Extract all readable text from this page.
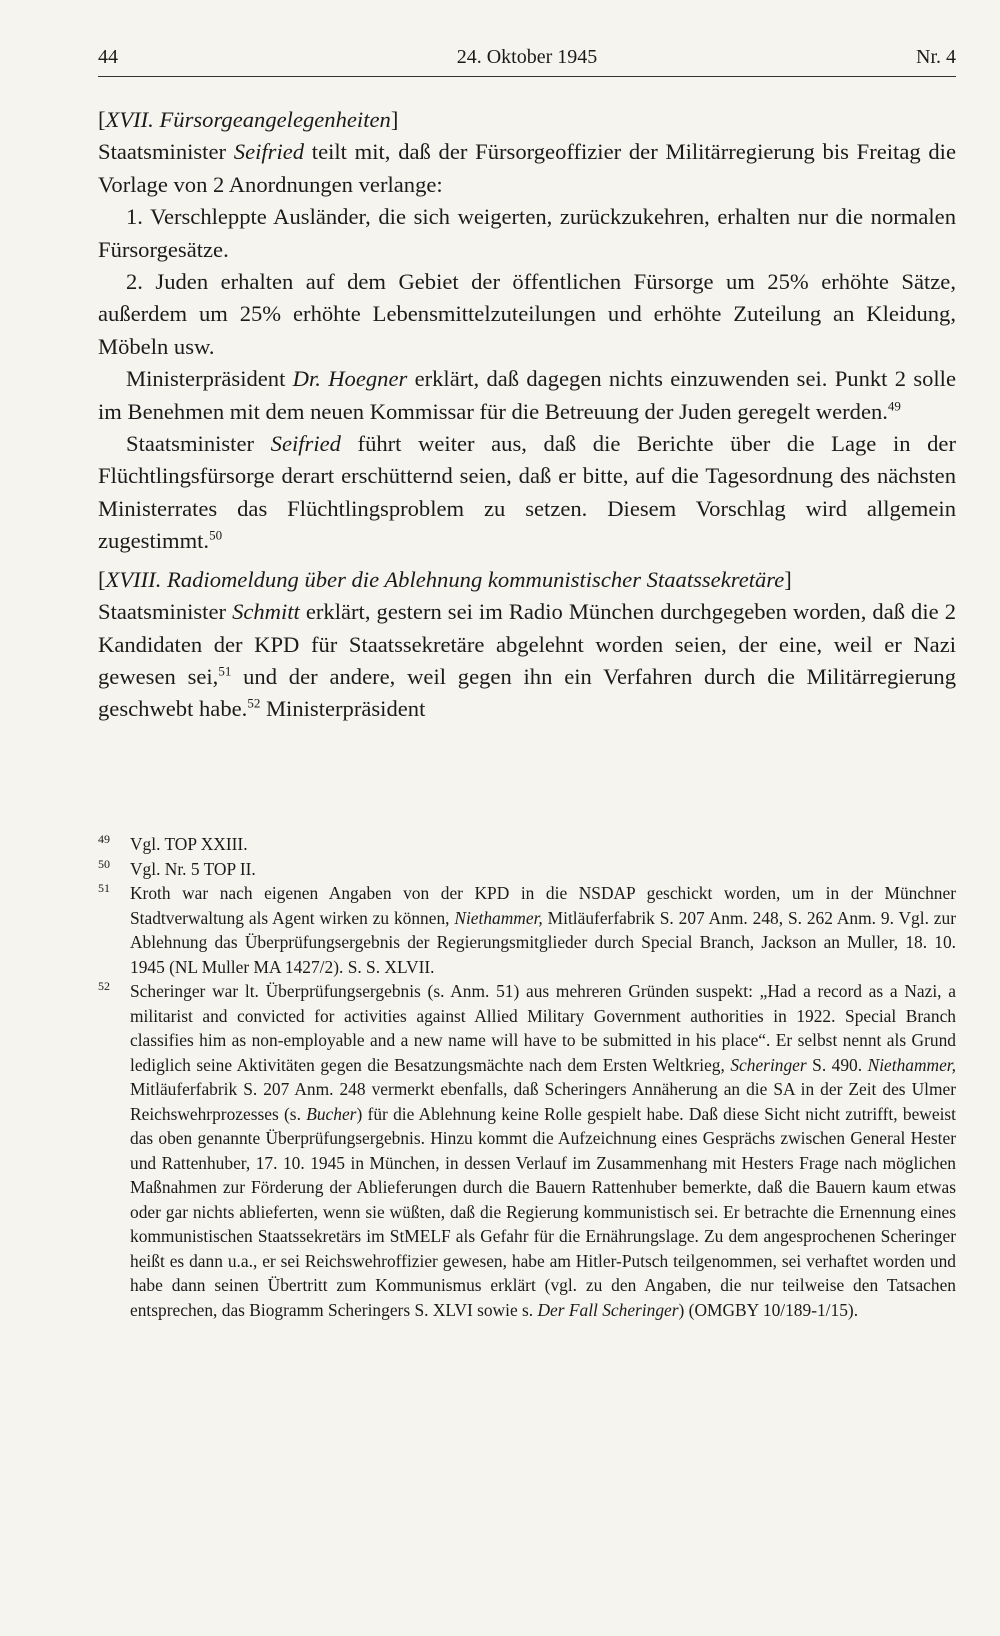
44	24. Oktober 1945	Nr. 4

[XVII. Fürsorgeangelegenheiten]

Staatsminister Seifried teilt mit, daß der Fürsorgeoffizier der Militärregierung bis Freitag die Vorlage von 2 Anordnungen verlange:

1. Verschleppte Ausländer, die sich weigerten, zurückzukehren, erhalten nur die normalen Fürsorgesätze.

2. Juden erhalten auf dem Gebiet der öffentlichen Fürsorge um 25% erhöhte Sätze, außerdem um 25% erhöhte Lebensmittelzuteilungen und erhöhte Zuteilung an Kleidung, Möbeln usw.

Ministerpräsident Dr. Hoegner erklärt, daß dagegen nichts einzuwenden sei. Punkt 2 solle im Benehmen mit dem neuen Kommissar für die Betreuung der Juden geregelt werden.$^{49}$

Staatsminister Seifried führt weiter aus, daß die Berichte über die Lage in der Flüchtlingsfürsorge derart erschütternd seien, daß er bitte, auf die Tagesordnung des nächsten Ministerrates das Flüchtlingsproblem zu setzen. Diesem Vorschlag wird allgemein zugestimmt.$^{50}$

[XVIII. Radiomeldung über die Ablehnung kommunistischer Staatssekretäre]

Staatsminister Schmitt erklärt, gestern sei im Radio München durchgegeben worden, daß die 2 Kandidaten der KPD für Staatssekretäre abgelehnt worden seien, der eine, weil er Nazi gewesen sei,$^{51}$ und der andere, weil gegen ihn ein Verfahren durch die Militärregierung geschwebt habe.$^{52}$ Ministerpräsident

49 Vgl. TOP XXIII.

50 Vgl. Nr. 5 TOP II.

51 Kroth war nach eigenen Angaben von der KPD in die NSDAP geschickt worden, um in der Münchner Stadtverwaltung als Agent wirken zu können, Niethammer, Mitläuferfabrik S. 207 Anm. 248, S. 262 Anm. 9. Vgl. zur Ablehnung das Überprüfungsergebnis der Regierungsmitglieder durch Special Branch, Jackson an Muller, 18. 10. 1945 (NL Muller MA 1427/2). S. S. XLVII.

52 Scheringer war lt. Überprüfungsergebnis (s. Anm. 51) aus mehreren Gründen suspekt: „Had a record as a Nazi, a militarist and convicted for activities against Allied Military Government authorities in 1922. Special Branch classifies him as non-employable and a new name will have to be submitted in his place“. Er selbst nennt als Grund lediglich seine Aktivitäten gegen die Besatzungsmächte nach dem Ersten Weltkrieg, Scheringer S. 490. Niethammer, Mitläuferfabrik S. 207 Anm. 248 vermerkt ebenfalls, daß Scheringers Annäherung an die SA in der Zeit des Ulmer Reichswehrprozesses (s. Bucher) für die Ablehnung keine Rolle gespielt habe. Daß diese Sicht nicht zutrifft, beweist das oben genannte Überprüfungsergebnis. Hinzu kommt die Aufzeichnung eines Gesprächs zwischen General Hester und Rattenhuber, 17. 10. 1945 in München, in dessen Verlauf im Zusammenhang mit Hesters Frage nach möglichen Maßnahmen zur Förderung der Ablieferungen durch die Bauern Rattenhuber bemerkte, daß die Bauern kaum etwas oder gar nichts ablieferten, wenn sie wüßten, daß die Regierung kommunistisch sei. Er betrachte die Ernennung eines kommunistischen Staatssekretärs im StMELF als Gefahr für die Ernährungslage. Zu dem angesprochenen Scheringer heißt es dann u.a., er sei Reichswehroffizier gewesen, habe am Hitler-Putsch teilgenommen, sei verhaftet worden und habe dann seinen Übertritt zum Kommunismus erklärt (vgl. zu den Angaben, die nur teilweise den Tatsachen entsprechen, das Biogramm Scheringers S. XLVI sowie s. Der Fall Scheringer) (OMGBY 10/189-1/15).
